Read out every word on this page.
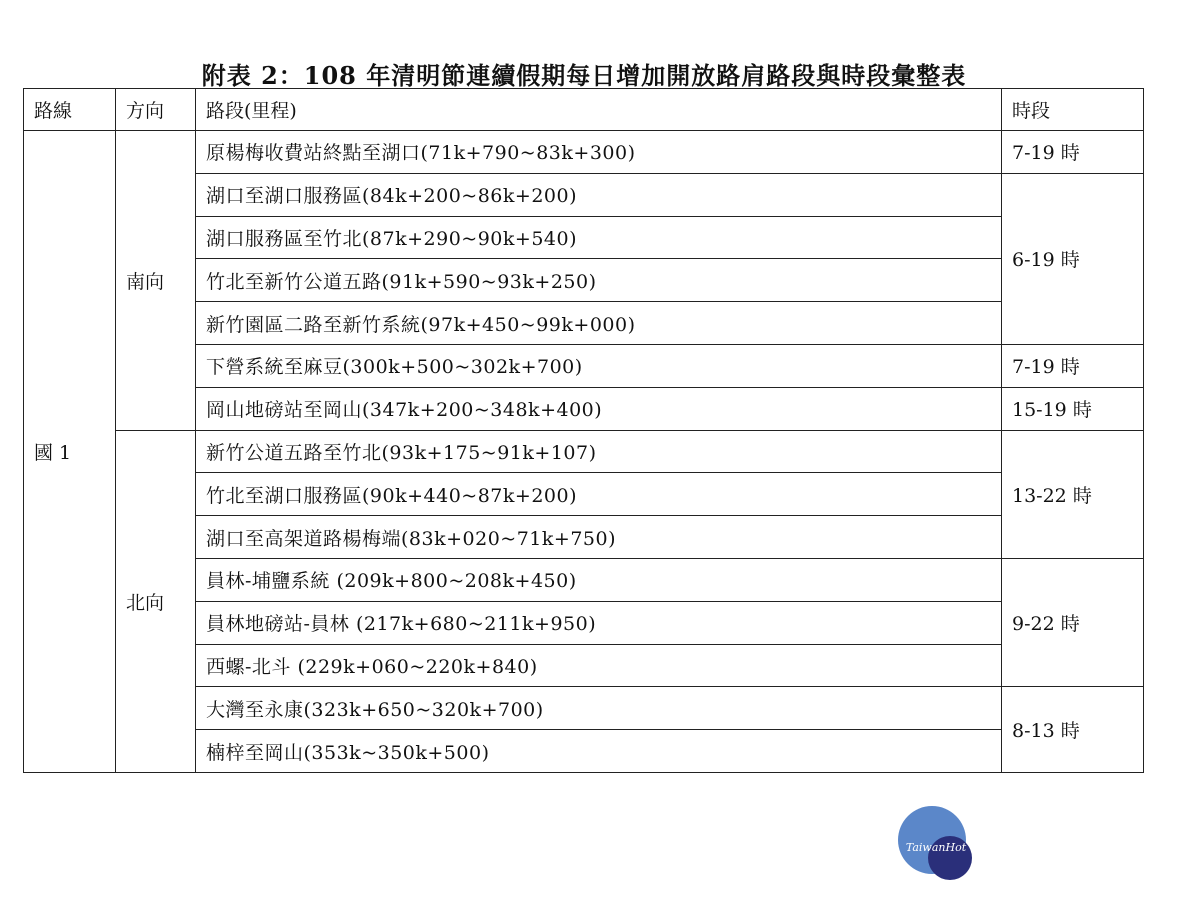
附表 2：108 年清明節連續假期每日增加開放路肩路段與時段彙整表
路線	方向	路段(里程)	時段
國 1	南向	原楊梅收費站終點至湖口(71k+790~83k+300)	7-19 時
		湖口至湖口服務區(84k+200~86k+200)	6-19 時
		湖口服務區至竹北(87k+290~90k+540)	
		竹北至新竹公道五路(91k+590~93k+250)	
		新竹園區二路至新竹系統(97k+450~99k+000)	
		下營系統至麻豆(300k+500~302k+700)	7-19 時
		岡山地磅站至岡山(347k+200~348k+400)	15-19 時
	北向	新竹公道五路至竹北(93k+175~91k+107)	13-22 時
		竹北至湖口服務區(90k+440~87k+200)	
		湖口至高架道路楊梅端(83k+020~71k+750)	
		員林-埔鹽系統 (209k+800~208k+450)	9-22 時
		員林地磅站-員林 (217k+680~211k+950)	
		西螺-北斗 (229k+060~220k+840)	
		大灣至永康(323k+650~320k+700)	8-13 時
		楠梓至岡山(353k~350k+500)	
TaiwanHot
